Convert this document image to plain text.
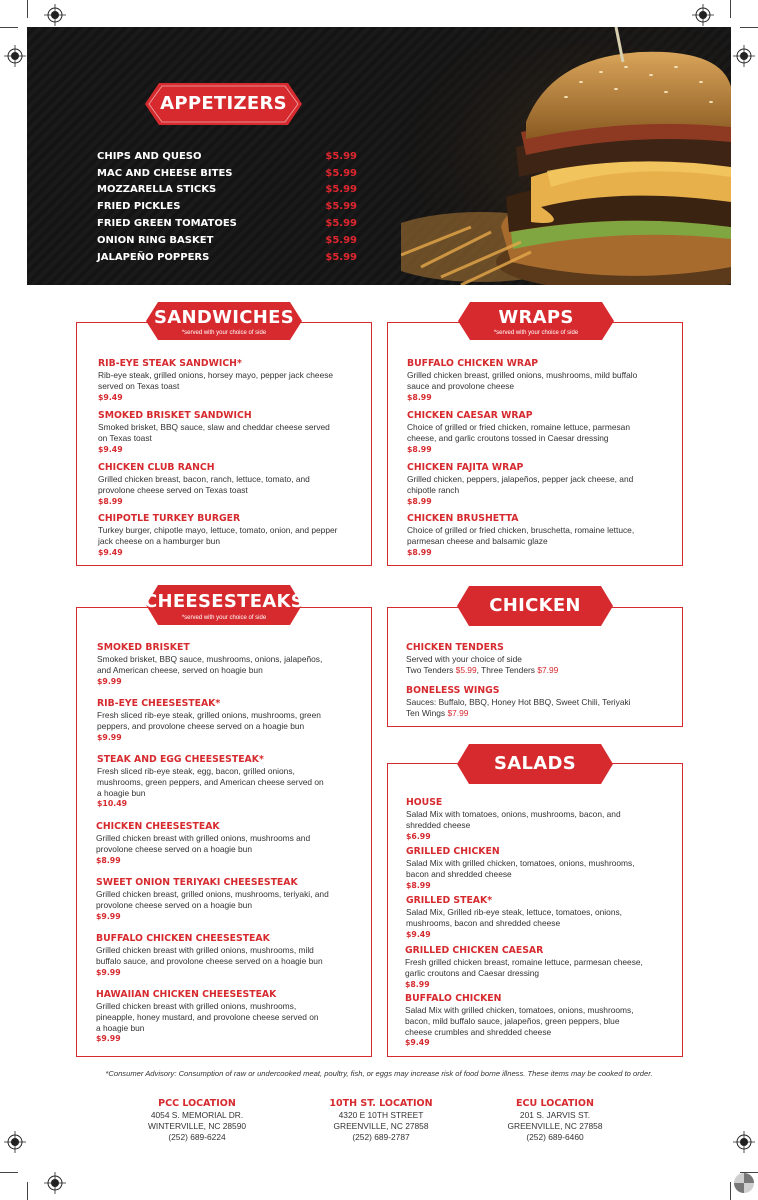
APPETIZERS
CHIPS AND QUESO	$5.99
MAC AND CHEESE BITES	$5.99
MOZZARELLA STICKS	$5.99
FRIED PICKLES	$5.99
FRIED GREEN TOMATOES	$5.99
ONION RING BASKET	$5.99
JALAPEÑO POPPERS	$5.99
SANDWICHES
*served with your choice of side
RIB-EYE STEAK SANDWICH*
Rib-eye steak, grilled onions, horsey mayo, pepper jack cheese
served on Texas toast
$9.49
SMOKED BRISKET SANDWICH
Smoked brisket, BBQ sauce, slaw and cheddar cheese served
on Texas toast
$9.49
CHICKEN CLUB RANCH
Grilled chicken breast, bacon, ranch, lettuce, tomato, and
provolone cheese served on Texas toast
$8.99
CHIPOTLE TURKEY BURGER
Turkey burger, chipotle mayo, lettuce, tomato, onion, and pepper
jack cheese on a hamburger bun
$9.49
WRAPS
*served with your choice of side
BUFFALO CHICKEN WRAP
Grilled chicken breast, grilled onions, mushrooms, mild buffalo
sauce and provolone cheese
$8.99
CHICKEN CAESAR WRAP
Choice of grilled or fried chicken, romaine lettuce, parmesan
cheese, and garlic croutons tossed in Caesar dressing
$8.99
CHICKEN FAJITA WRAP
Grilled chicken, peppers, jalapeños, pepper jack cheese, and
chipotle ranch
$8.99
CHICKEN BRUSHETTA
Choice of grilled or fried chicken, bruschetta, romaine lettuce,
parmesan cheese and balsamic glaze
$8.99
CHEESESTEAKS
*served with your choice of side
SMOKED BRISKET
Smoked brisket, BBQ sauce, mushrooms, onions, jalapeños,
and American cheese, served on hoagie bun
$9.99
RIB-EYE CHEESESTEAK*
Fresh sliced rib-eye steak, grilled onions, mushrooms, green
peppers, and provolone cheese served on a hoagie bun
$9.99
STEAK AND EGG CHEESESTEAK*
Fresh sliced rib-eye steak, egg, bacon, grilled onions,
mushrooms, green peppers, and American cheese served on
a hoagie bun
$10.49
CHICKEN CHEESESTEAK
Grilled chicken breast with grilled onions, mushrooms and
provolone cheese served on a hoagie bun
$8.99
SWEET ONION TERIYAKI CHEESESTEAK
Grilled chicken breast, grilled onions, mushrooms, teriyaki, and
provolone cheese served on a hoagie bun
$9.99
BUFFALO CHICKEN CHEESESTEAK
Grilled chicken breast with grilled onions, mushrooms, mild
buffalo sauce, and provolone cheese served on a hoagie bun
$9.99
HAWAIIAN CHICKEN CHEESESTEAK
Grilled chicken breast with grilled onions, mushrooms,
pineapple, honey mustard, and provolone cheese served on
a hoagie bun
$9.99
CHICKEN
CHICKEN TENDERS
Served with your choice of side
Two Tenders $5.99, Three Tenders $7.99
BONELESS WINGS
Sauces: Buffalo, BBQ, Honey Hot BBQ, Sweet Chili, Teriyaki
Ten Wings $7.99
SALADS
HOUSE
Salad Mix with tomatoes, onions, mushrooms, bacon, and
shredded cheese
$6.99
GRILLED CHICKEN
Salad Mix with grilled chicken, tomatoes, onions, mushrooms,
bacon and shredded cheese
$8.99
GRILLED STEAK*
Salad Mix, Grilled rib-eye steak, lettuce, tomatoes, onions,
mushrooms, bacon and shredded cheese
$9.49
GRILLED CHICKEN CAESAR
Fresh grilled chicken breast, romaine lettuce, parmesan cheese,
garlic croutons and Caesar dressing
$8.99
BUFFALO CHICKEN
Salad Mix with grilled chicken, tomatoes, onions, mushrooms,
bacon, mild buffalo sauce, jalapeños, green peppers, blue
cheese crumbles and shredded cheese
$9.49
*Consumer Advisory: Consumption of raw or undercooked meat, poultry, fish, or eggs may increase risk of food borne illness. These items may be cooked to order.
PCC LOCATION
4054 S. MEMORIAL DR.
WINTERVILLE, NC 28590
(252) 689-6224
10TH ST. LOCATION
4320 E 10TH STREET
GREENVILLE, NC 27858
(252) 689-2787
ECU LOCATION
201 S. JARVIS ST.
GREENVILLE, NC 27858
(252) 689-6460
